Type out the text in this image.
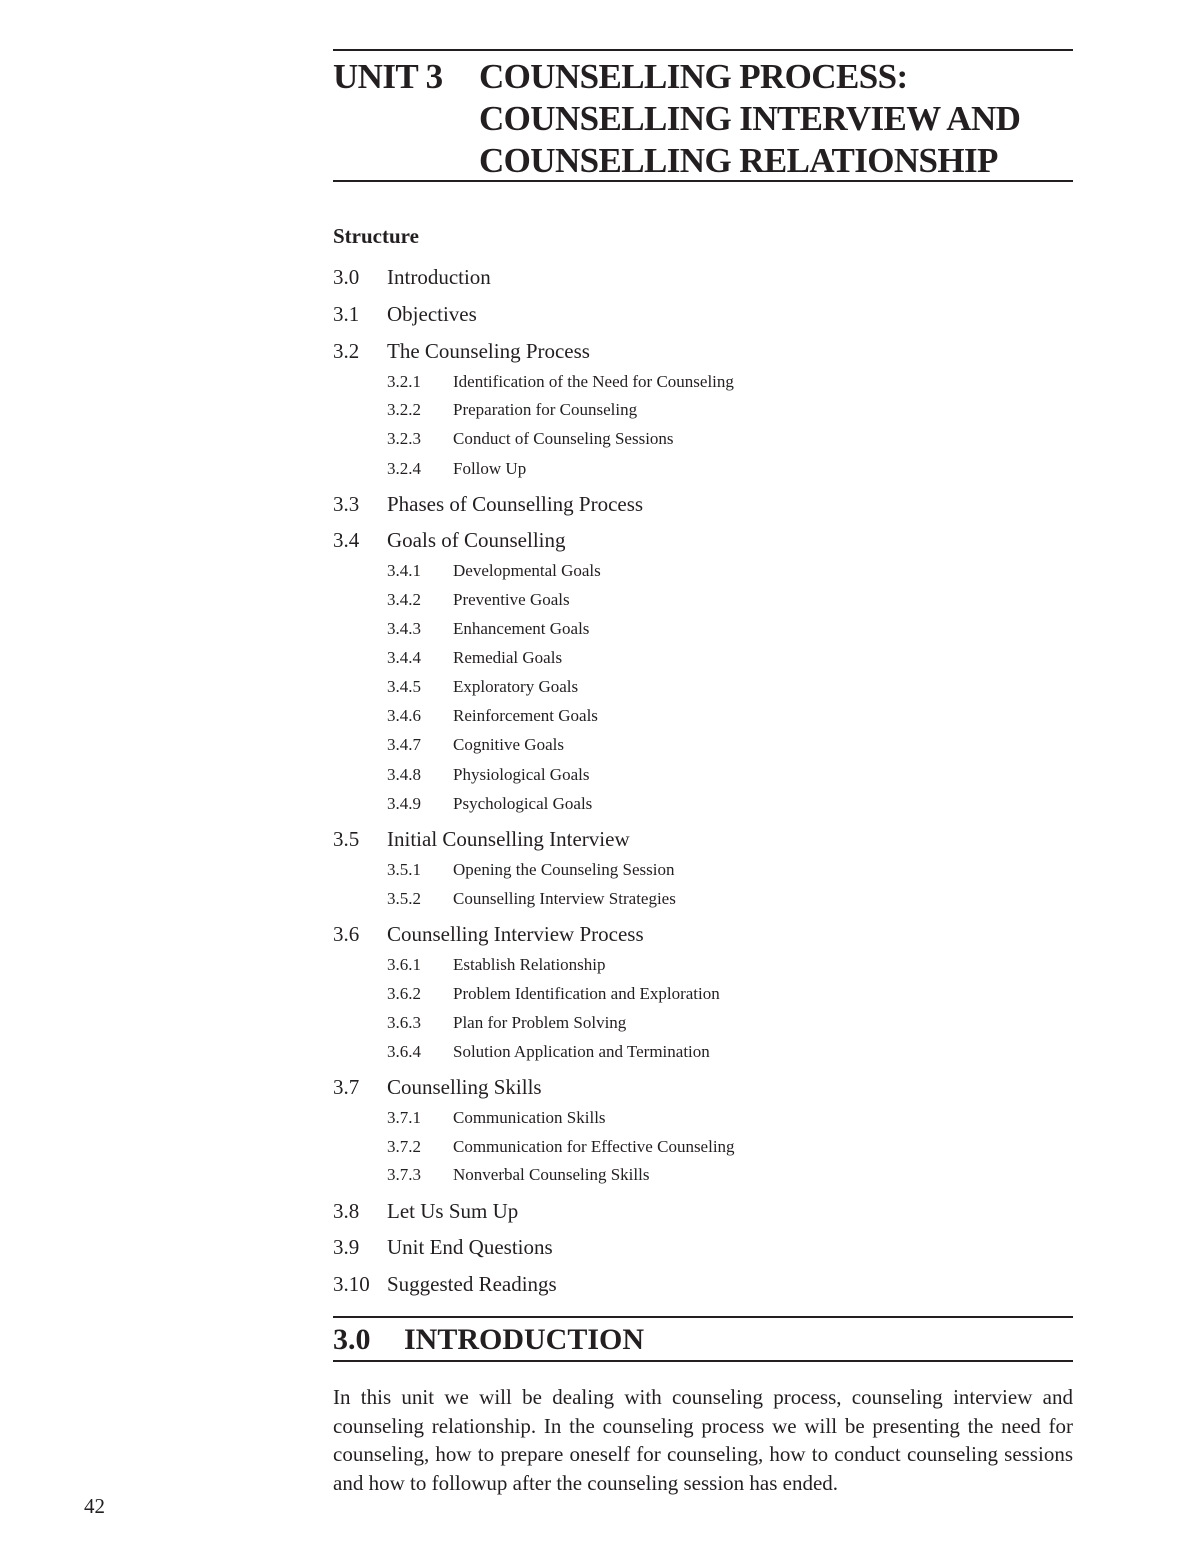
UNIT 3 COUNSELLING PROCESS:
COUNSELLING INTERVIEW AND
COUNSELLING RELATIONSHIP
Structure
3.0 Introduction
3.1 Objectives
3.2 The Counseling Process
3.2.1 Identification of the Need for Counseling
3.2.2 Preparation for Counseling
3.2.3 Conduct of Counseling Sessions
3.2.4 Follow Up
3.3 Phases of Counselling Process
3.4 Goals of Counselling
3.4.1 Developmental Goals
3.4.2 Preventive Goals
3.4.3 Enhancement Goals
3.4.4 Remedial Goals
3.4.5 Exploratory Goals
3.4.6 Reinforcement Goals
3.4.7 Cognitive Goals
3.4.8 Physiological Goals
3.4.9 Psychological Goals
3.5 Initial Counselling Interview
3.5.1 Opening the Counseling Session
3.5.2 Counselling Interview Strategies
3.6 Counselling Interview Process
3.6.1 Establish Relationship
3.6.2 Problem Identification and Exploration
3.6.3 Plan for Problem Solving
3.6.4 Solution Application and Termination
3.7 Counselling Skills
3.7.1 Communication Skills
3.7.2 Communication for Effective Counseling
3.7.3 Nonverbal Counseling Skills
3.8 Let Us Sum Up
3.9 Unit End Questions
3.10 Suggested Readings
3.0 INTRODUCTION
In this unit we will be dealing with counseling process, counseling interview and counseling relationship. In the counseling process we will be presenting the need for counseling, how to prepare oneself for counseling, how to conduct counseling sessions and how to followup after the counseling session has ended.
42
